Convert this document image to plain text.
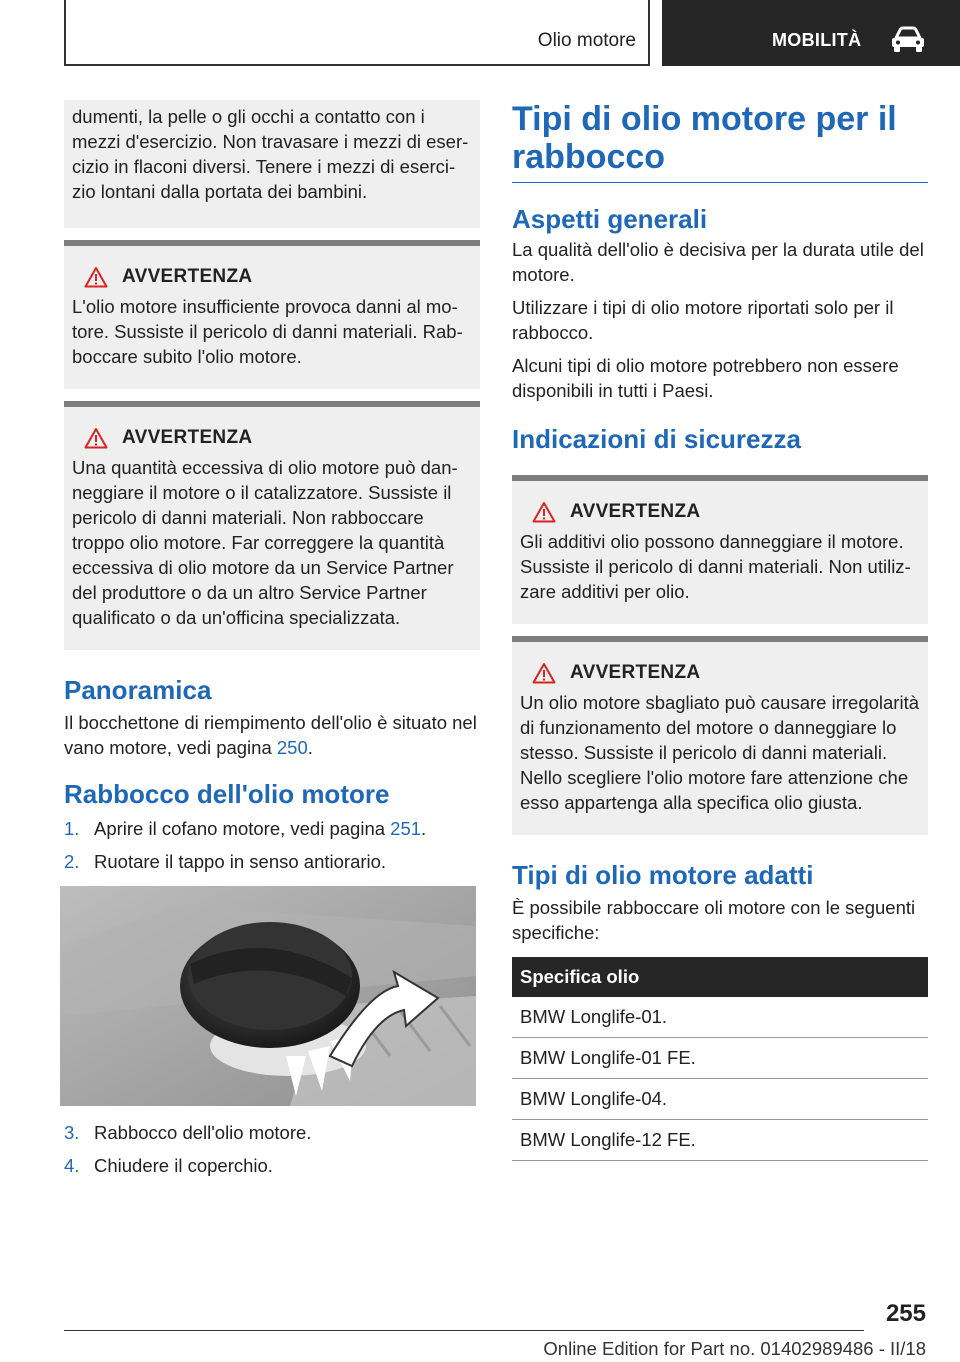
Olio motore	MOBILITÀ

dumenti, la pelle o gli occhi a contatto con i mezzi d'esercizio. Non travasare i mezzi di esercizio in flaconi diversi. Tenere i mezzi di esercizio lontani dalla portata dei bambini.

AVVERTENZA

L'olio motore insufficiente provoca danni al motore. Sussiste il pericolo di danni materiali. Rabboccare subito l'olio motore.

AVVERTENZA

Una quantità eccessiva di olio motore può danneggiare il motore o il catalizzatore. Sussiste il pericolo di danni materiali. Non rabboccare troppo olio motore. Far correggere la quantità eccessiva di olio motore da un Service Partner del produttore o da un altro Service Partner qualificato o da un'officina specializzata.

Panoramica

Il bocchettone di riempimento dell'olio è situato nel vano motore, vedi pagina 250.

Rabbocco dell'olio motore
1. Aprire il cofano motore, vedi pagina 251.
2. Ruotare il tappo in senso antiorario.
3. Rabbocco dell'olio motore.
4. Chiudere il coperchio.
Tipi di olio motore per il rabbocco
Aspetti generali

La qualità dell'olio è decisiva per la durata utile del motore.

Utilizzare i tipi di olio motore riportati solo per il rabbocco.

Alcuni tipi di olio motore potrebbero non essere disponibili in tutti i Paesi.

Indicazioni di sicurezza
AVVERTENZA

Gli additivi olio possono danneggiare il motore. Sussiste il pericolo di danni materiali. Non utilizzare additivi per olio.

AVVERTENZA

Un olio motore sbagliato può causare irregolarità di funzionamento del motore o danneggiare lo stesso. Sussiste il pericolo di danni materiali. Nello scegliere l'olio motore fare attenzione che esso appartenga alla specifica olio giusta.

Tipi di olio motore adatti

È possibile rabboccare oli motore con le seguenti specifiche:

Specifica olio
BMW Longlife-01.
BMW Longlife-01 FE.
BMW Longlife-04.
BMW Longlife-12 FE.
255
Online Edition for Part no. 01402989486 - II/18
